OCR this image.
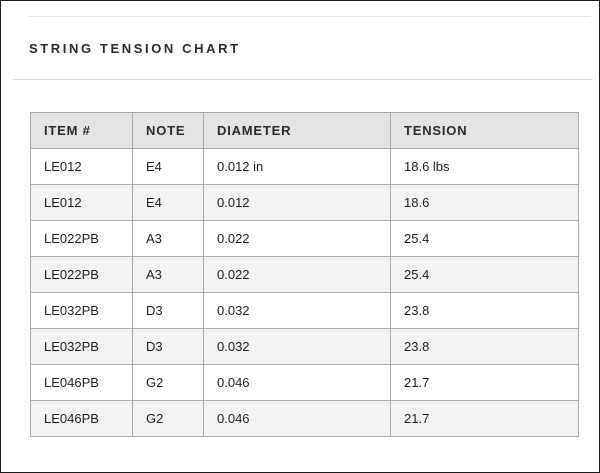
STRING TENSION CHART
ITEM #	NOTE	DIAMETER	TENSION
LE012	E4	0.012 in	18.6 lbs
LE012	E4	0.012	18.6
LE022PB	A3	0.022	25.4
LE022PB	A3	0.022	25.4
LE032PB	D3	0.032	23.8
LE032PB	D3	0.032	23.8
LE046PB	G2	0.046	21.7
LE046PB	G2	0.046	21.7
